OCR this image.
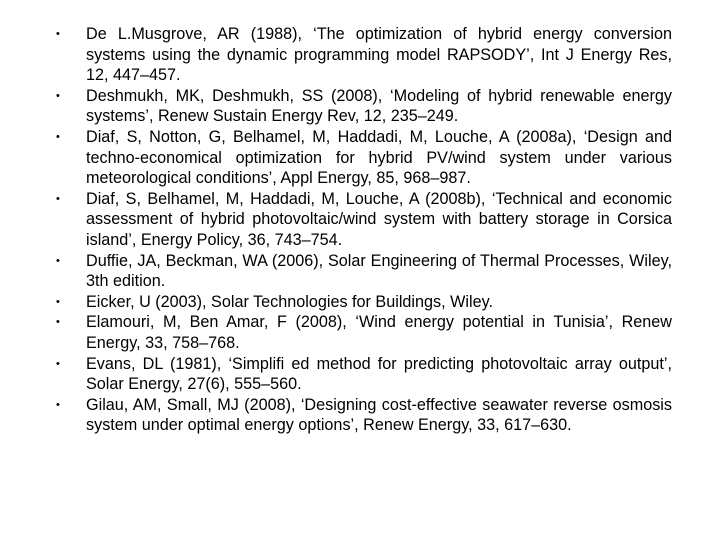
• De L.Musgrove, AR (1988), ‘The optimization of hybrid energy conversion systems using the dynamic programming model RAPSODY’, Int J Energy Res, 12, 447–457.
• Deshmukh, MK, Deshmukh, SS (2008), ‘Modeling of hybrid renewable energy systems’, Renew Sustain Energy Rev, 12, 235–249.
• Diaf, S, Notton, G, Belhamel, M, Haddadi, M, Louche, A (2008a), ‘Design and techno-economical optimization for hybrid PV/wind system under various meteorological conditions’, Appl Energy, 85, 968–987.
• Diaf, S, Belhamel, M, Haddadi, M, Louche, A (2008b), ‘Technical and economic assessment of hybrid photovoltaic/wind system with battery storage in Corsica island’, Energy Policy, 36, 743–754.
• Duffie, JA, Beckman, WA (2006), Solar Engineering of Thermal Processes, Wiley, 3th edition.
• Eicker, U (2003), Solar Technologies for Buildings, Wiley.
• Elamouri, M, Ben Amar, F (2008), ‘Wind energy potential in Tunisia’, Renew Energy, 33, 758–768.
• Evans, DL (1981), ‘Simplifi ed method for predicting photovoltaic array output’, Solar Energy, 27(6), 555–560.
• Gilau, AM, Small, MJ (2008), ‘Designing cost-effective seawater reverse osmosis system under optimal energy options’, Renew Energy, 33, 617–630.
